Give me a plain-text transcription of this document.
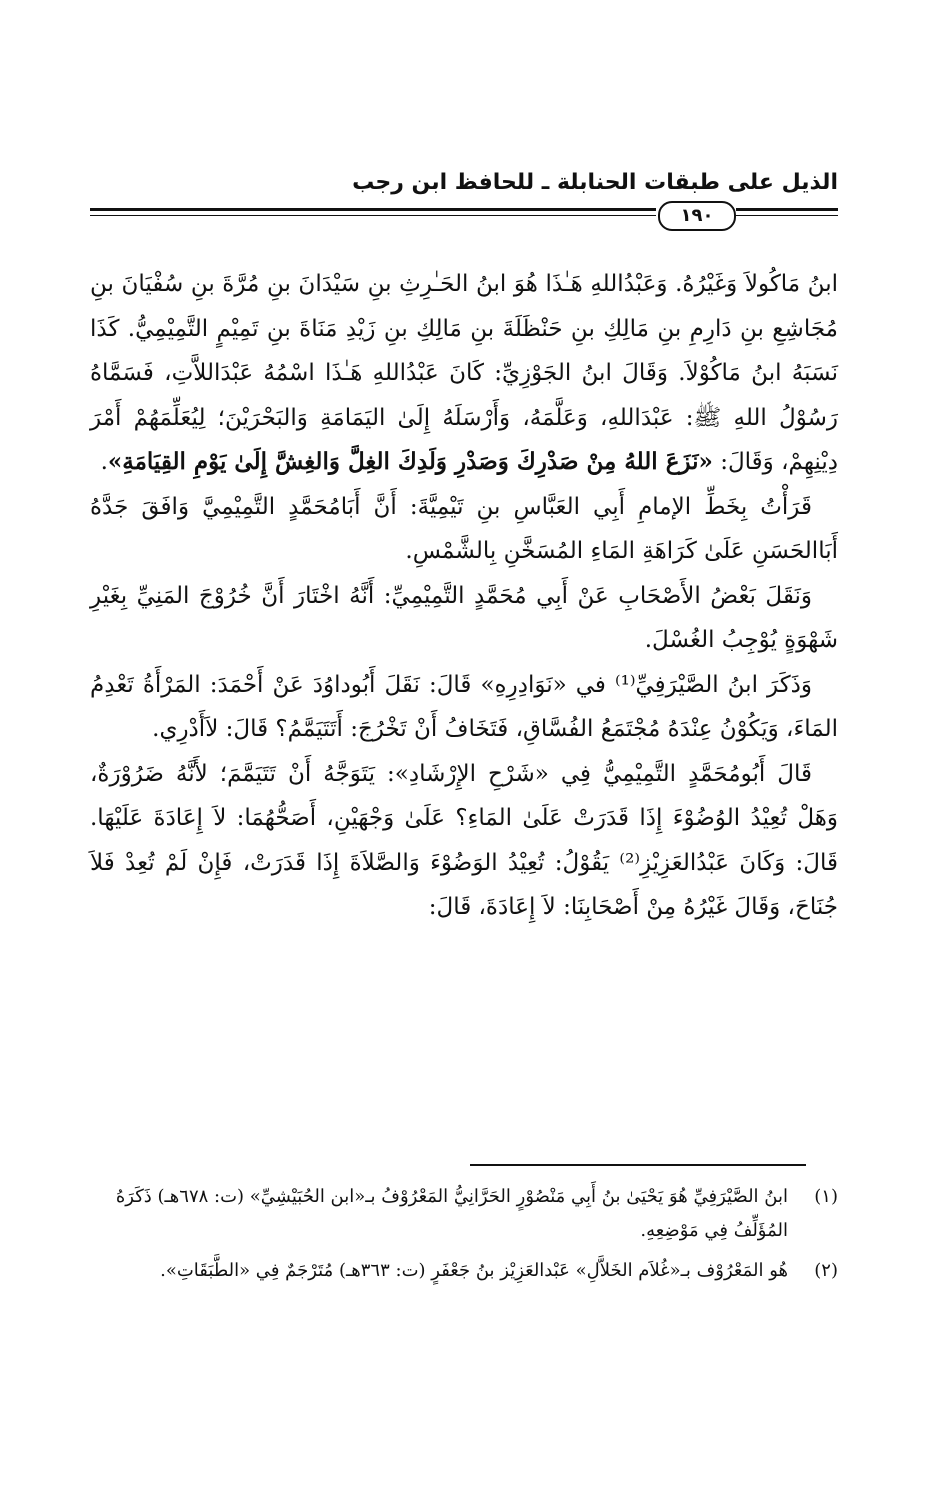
الذيل على طبقات الحنابلة ـ للحافظ ابن رجب
١٩٠

ابنُ مَاكُولاَ وَغَيْرُهُ. وَعَبْدُاللهِ هَـٰذَا هُوَ ابنُ الحَـٰرِثِ بنِ سَيْدَانَ بنِ مُرَّةَ بنِ سُفْيَانَ بنِ مُجَاشِعِ بنِ دَارِمِ بنِ مَالِكِ بنِ حَنْظَلَةَ بنِ مَالِكِ بنِ زَيْدِ مَنَاةَ بنِ تَمِيْمٍ التَّمِيْمِيُّ. كَذَا نَسَبَهُ ابنُ مَاكُوْلاَ. وَقَالَ ابنُ الجَوْزِيِّ: كَانَ عَبْدُاللهِ هَـٰذَا اسْمُهُ عَبْدَاللاَّتِ، فَسَمَّاهُ رَسُوْلُ اللهِ ﷺ: عَبْدَاللهِ، وَعَلَّمَهُ، وَأَرْسَلَهُ إِلَىٰ اليَمَامَةِ وَالبَحْرَيْنَ؛ لِيُعَلِّمَهُمْ أَمْرَ دِيْنِهِمْ، وَقَالَ: «نَزَعَ اللهُ مِنْ صَدْرِكَ وَصَدْرِ وَلَدِكَ الغِلَّ وَالغِشَّ إِلَىٰ يَوْمِ القِيَامَةِ».

قَرَأْتُ بِخَطِّ الإمامِ أَبِي العَبَّاسِ بنِ تَيْمِيَّةَ: أَنَّ أَبَامُحَمَّدٍ التَّمِيْمِيَّ وَافَقَ جَدَّهُ أَبَاالحَسَنِ عَلَىٰ كَرَاهَةِ المَاءِ المُسَخَّنِ بِالشَّمْسِ.

وَنَقَلَ بَعْضُ الأَصْحَابِ عَنْ أَبِي مُحَمَّدٍ التَّمِيْمِيِّ: أَنَّهُ اخْتَارَ أَنَّ خُرُوْجَ المَنِيِّ بِغَيْرِ شَهْوَةٍ يُوْجِبُ الغُسْلَ.

وَذَكَرَ ابنُ الصَّيْرَفِيِّ⁽¹⁾ في «نَوَادِرِهِ» قَالَ: نَقَلَ أَبُوداوُدَ عَنْ أَحْمَدَ: المَرْأَةُ تَعْدِمُ المَاءَ، وَيَكُوْنُ عِنْدَهُ مُجْتَمَعُ الفُسَّاقِ، فَتَخَافُ أَنْ تَخْرُجَ: أَتَتَيَمَّمُ؟ قَالَ: لاَأَدْرِي.

قَالَ أَبُومُحَمَّدٍ التَّمِيْمِيُّ فِي «شَرْحِ الإِرْشَادِ»: يَتَوَجَّهُ أَنْ تَتَيَمَّمَ؛ لأَنَّهُ ضَرُوْرَةٌ، وَهَلْ تُعِيْدُ الوُضُوْءَ إِذَا قَدَرَتْ عَلَىٰ المَاءِ؟ عَلَىٰ وَجْهَيْنِ، أَصَحُّهُمَا: لاَ إِعَادَةَ عَلَيْهَا. قَالَ: وَكَانَ عَبْدُالعَزِيْزِ⁽²⁾ يَقُوْلُ: تُعِيْدُ الوَضُوْءَ وَالصَّلاَةَ إِذَا قَدَرَتْ، فَإِنْ لَمْ تُعِدْ فَلاَ جُنَاحَ، وَقَالَ غَيْرُهُ مِنْ أَصْحَابِنَا: لاَ إِعَادَةَ، قَالَ:

(١)
ابنُ الصَّيْرَفِيِّ هُوَ يَحْيَىٰ بنُ أَبِي مَنْصُوْرٍ الحَرَّانِيُّ المَعْرُوْفُ بـ«ابن الحُبَيْشِيِّ» (ت: ٦٧٨هـ) ذَكَرَهُ المُؤَلِّفُ فِي مَوْضِعِهِ.
(٢)
هُو المَعْرُوْف بـ«غُلاَم الخَلاَّلِ» عَبْدالعَزِيْز بنُ جَعْفَرٍ (ت: ٣٦٣هـ) مُتَرْجَمٌ فِي «الطَّبَقَاتِ».
